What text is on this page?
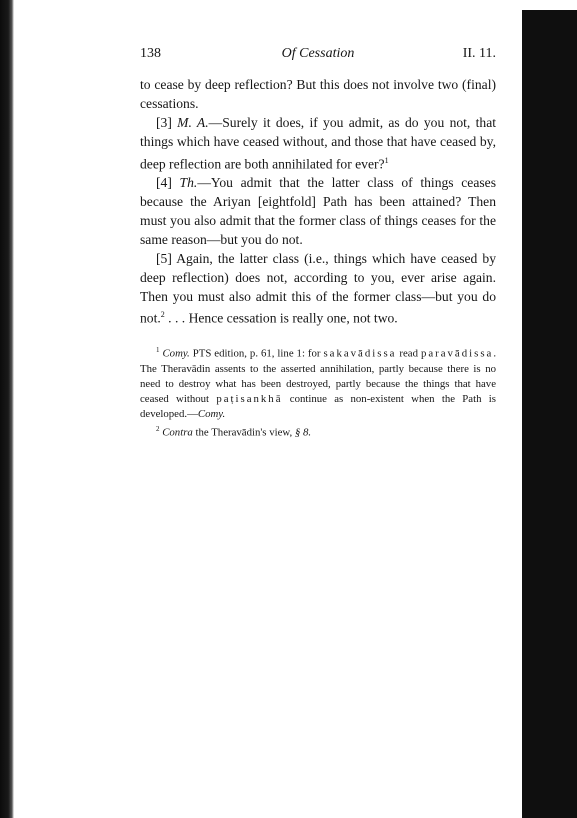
138	Of Cessation	II. 11.

to cease by deep reflection? But this does not involve two (final) cessations.

[3] M. A.—Surely it does, if you admit, as do you not, that things which have ceased without, and those that have ceased by, deep reflection are both annihilated for ever?$^1$

[4] Th.—You admit that the latter class of things ceases because the Ariyan [eightfold] Path has been attained? Then must you also admit that the former class of things ceases for the same reason—but you do not.

[5] Again, the latter class (i.e., things which have ceased by deep reflection) does not, according to you, ever arise again. Then you must also admit this of the former class—but you do not.$^2$ . . . Hence cessation is really one, not two.

$^1$ Comy. PTS edition, p. 61, line 1: for sakavādissa read paravādissa. The Theravādin assents to the asserted annihilation, partly because there is no need to destroy what has been destroyed, partly because the things that have ceased without paṭisankhā continue as non-existent when the Path is developed.—Comy.

$^2$ Contra the Theravādin's view, § 8.
